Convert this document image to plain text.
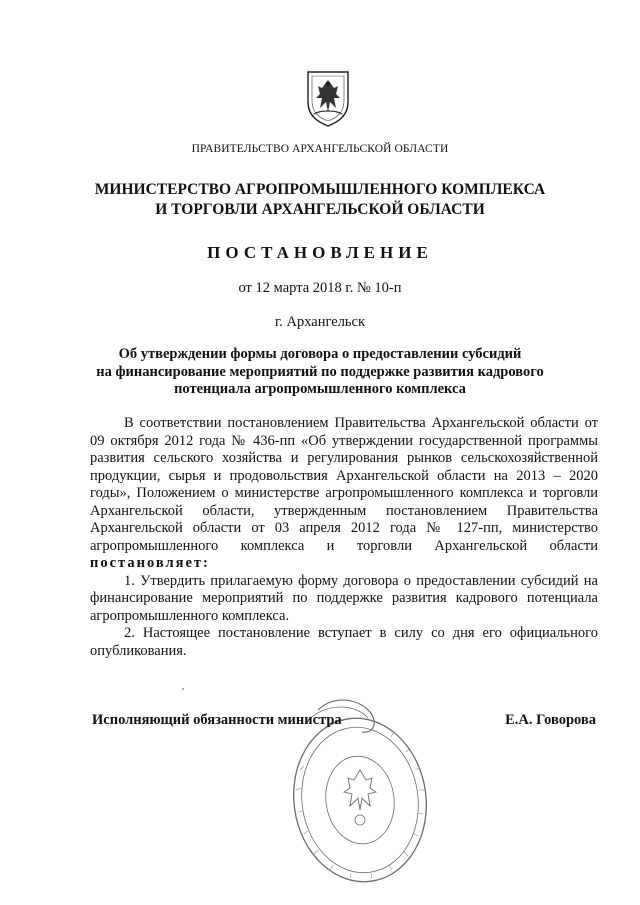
ПРАВИТЕЛЬСТВО АРХАНГЕЛЬСКОЙ ОБЛАСТИ
МИНИСТЕРСТВО АГРОПРОМЫШЛЕННОГО КОМПЛЕКСА
И ТОРГОВЛИ АРХАНГЕЛЬСКОЙ ОБЛАСТИ
ПОСТАНОВЛЕНИЕ
от 12 марта 2018 г. № 10-п
г. Архангельск
Об утверждении формы договора о предоставлении субсидий
на финансирование мероприятий по поддержке развития кадрового
потенциала агропромышленного комплекса

В соответствии постановлением Правительства Архангельской области от 09 октября 2012 года № 436-пп «Об утверждении государственной программы развития сельского хозяйства и регулирования рынков сельскохозяйственной продукции, сырья и продовольствия Архангельской области на 2013 – 2020 годы», Положением о министерстве агропромышленного комплекса и торговли Архангельской области, утвержденным постановлением Правительства Архангельской области от 03 апреля 2012 года № 127-пп, министерство агропромышленного комплекса и торговли Архангельской области постановляет:

1. Утвердить прилагаемую форму договора о предоставлении субсидий на финансирование мероприятий по поддержке развития кадрового потенциала агропромышленного комплекса.

2. Настоящее постановление вступает в силу со дня его официального опубликования.

Исполняющий обязанности министра	Е.А. Говорова
